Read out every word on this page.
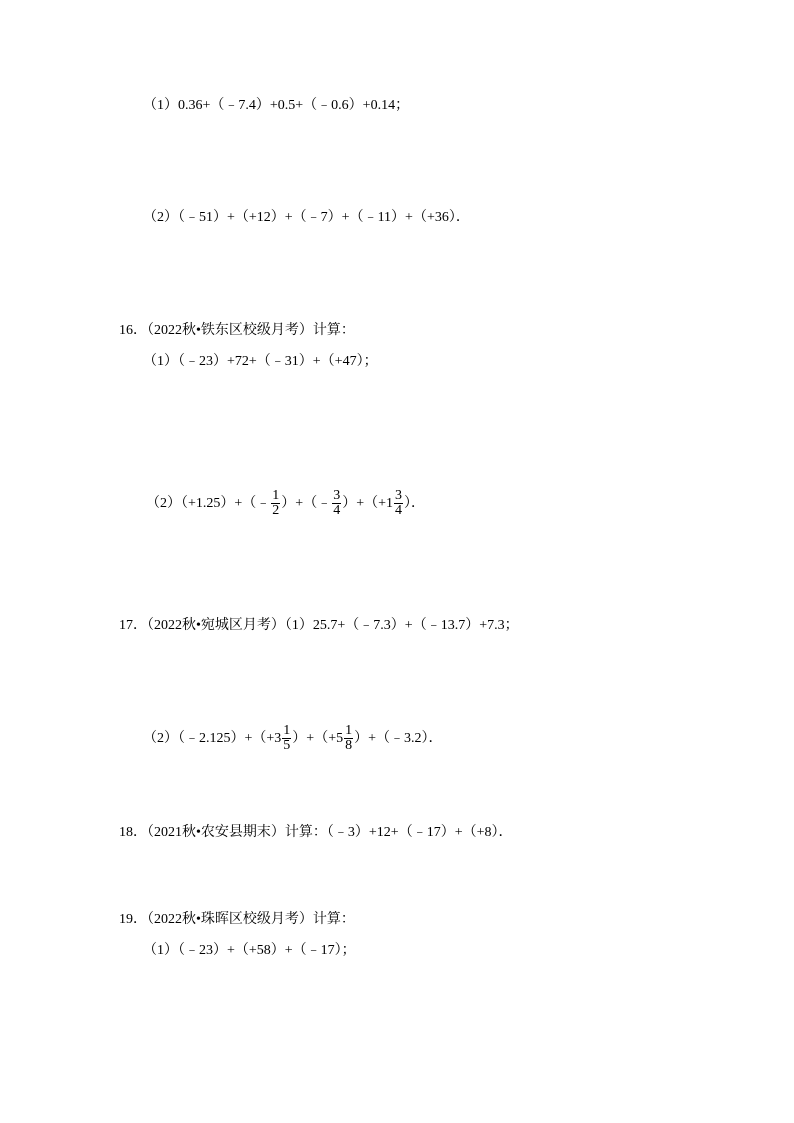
（1）0.36+（﹣7.4）+0.5+（﹣0.6）+0.14；
（2）（﹣51）+（+12）+（﹣7）+（﹣11）+（+36）．
16．（2022秋•铁东区校级月考）计算：
（1）（﹣23）+72+（﹣31）+（+47）；
（2）（+1.25）+（﹣ $\frac{1}{2}$ ）+（﹣ $\frac{3}{4} )+(+1 \frac{3}{4}$ ）．
17．（2022秋•宛城区月考）（1）25.7+（﹣7.3）+（﹣13.7）+7.3；
（2）（﹣2.125）+（+3 $\frac{1}{5} )+(+5 \frac{1}{8}$ ）+（﹣3.2）．
18．（2021秋•农安县期末）计算：（﹣3）+12+（﹣17）+（+8）．
19．（2022秋•珠晖区校级月考）计算：
（1）（﹣23）+（+58）+（﹣17）；
